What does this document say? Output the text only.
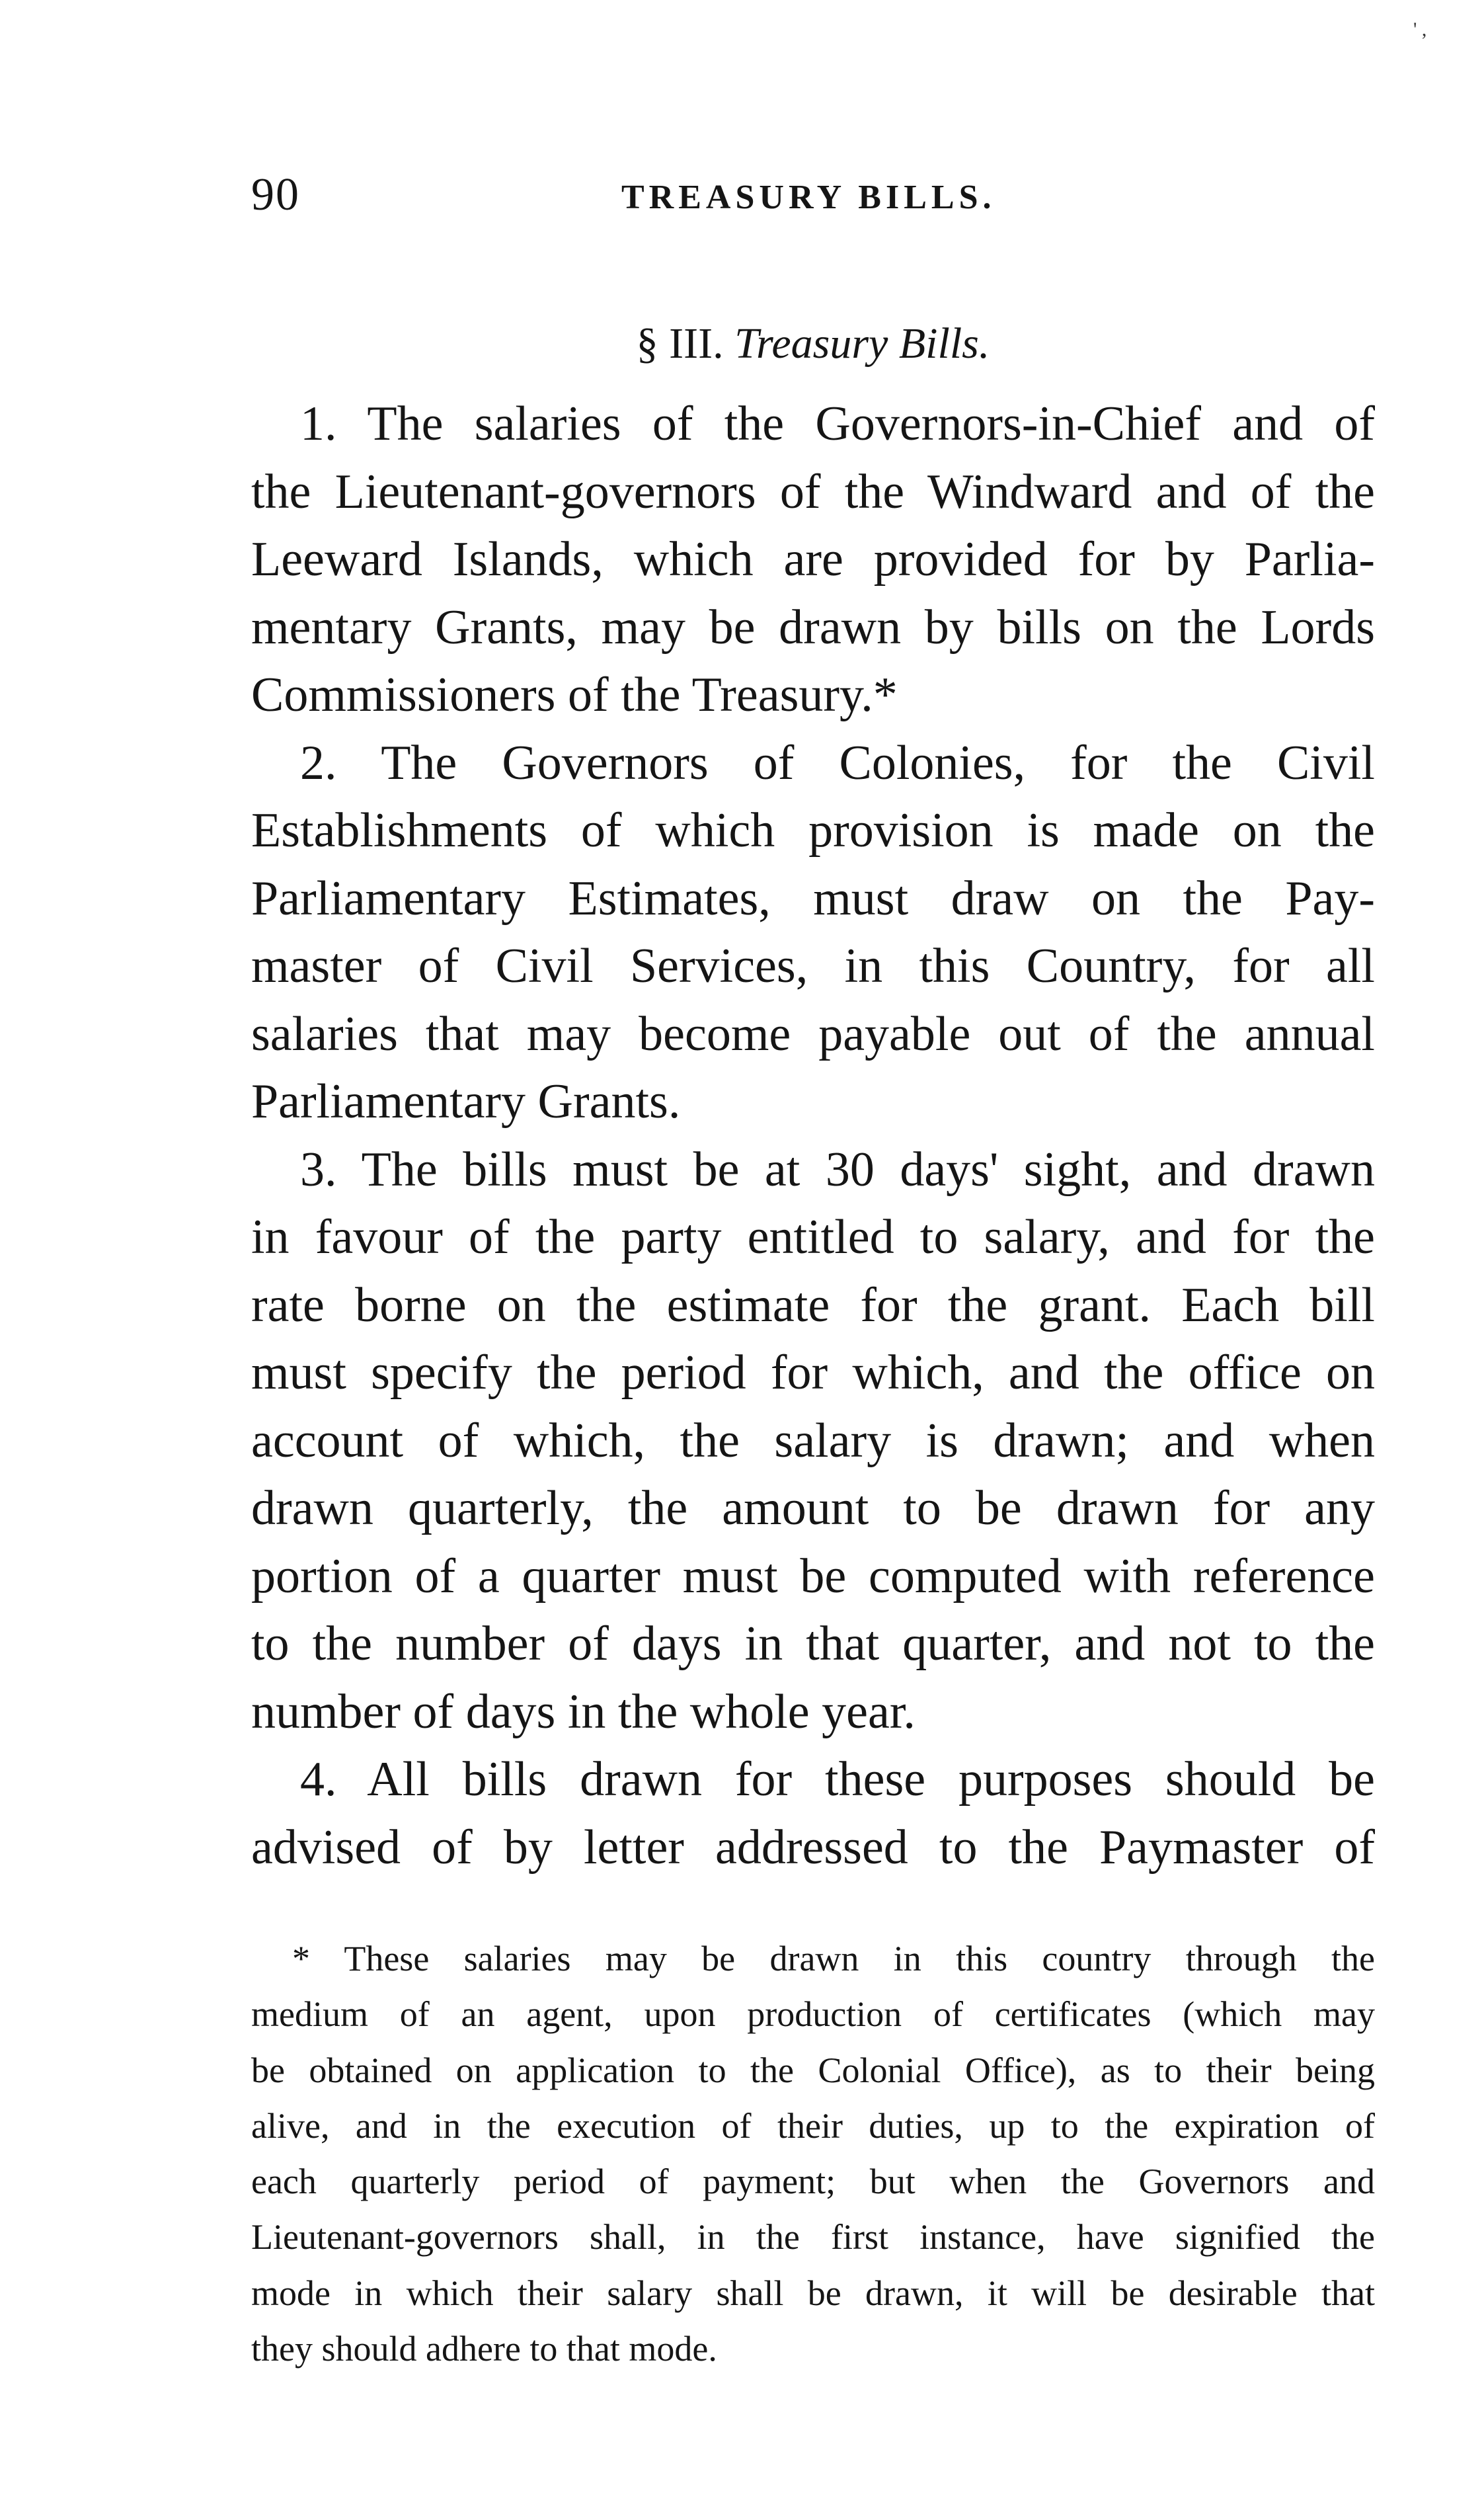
' ,
90	TREASURY BILLS.
§ III. Treasury Bills.

1. The salaries of the Governors-in-Chief and of
the Lieutenant-governors of the Windward and of the
Leeward Islands, which are provided for by Parlia-
mentary Grants, may be drawn by bills on the Lords
Commissioners of the Treasury.*

2. The Governors of Colonies, for the Civil
Establishments of which provision is made on the
Parliamentary Estimates, must draw on the Pay-
master of Civil Services, in this Country, for all
salaries that may become payable out of the annual
Parliamentary Grants.

3. The bills must be at 30 days' sight, and drawn
in favour of the party entitled to salary, and for the
rate borne on the estimate for the grant. Each bill
must specify the period for which, and the office on
account of which, the salary is drawn; and when
drawn quarterly, the amount to be drawn for any
portion of a quarter must be computed with reference
to the number of days in that quarter, and not to the
number of days in the whole year.

4. All bills drawn for these purposes should be
advised of by letter addressed to the Paymaster of

* These salaries may be drawn in this country through the
medium of an agent, upon production of certificates (which may
be obtained on application to the Colonial Office), as to their being
alive, and in the execution of their duties, up to the expiration of
each quarterly period of payment; but when the Governors and
Lieutenant-governors shall, in the first instance, have signified the
mode in which their salary shall be drawn, it will be desirable that
they should adhere to that mode.
